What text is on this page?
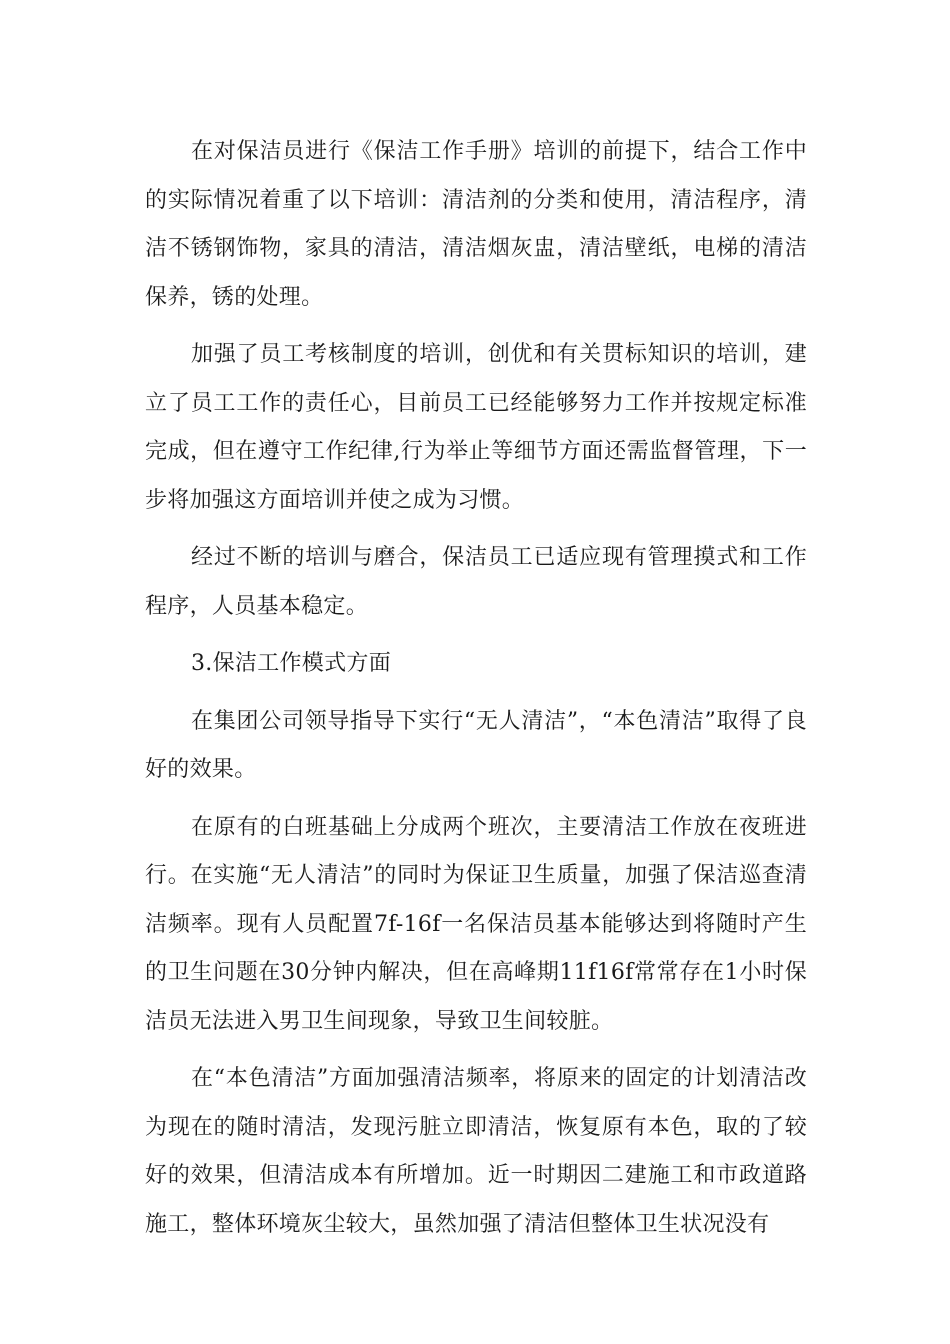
在对保洁员进行《保洁工作手册》培训的前提下，结合工作中的实际情况着重了以下培训：清洁剂的分类和使用，清洁程序，清洁不锈钢饰物，家具的清洁，清洁烟灰盅，清洁壁纸，电梯的清洁保养，锈的处理。

加强了员工考核制度的培训，创优和有关贯标知识的培训，建立了员工工作的责任心，目前员工已经能够努力工作并按规定标准完成，但在遵守工作纪律,行为举止等细节方面还需监督管理，下一步将加强这方面培训并使之成为习惯。

经过不断的培训与磨合，保洁员工已适应现有管理摸式和工作程序，人员基本稳定。

3.保洁工作模式方面

在集团公司领导指导下实行“无人清洁”，“本色清洁”取得了良好的效果。

在原有的白班基础上分成两个班次，主要清洁工作放在夜班进行。在实施“无人清洁”的同时为保证卫生质量，加强了保洁巡查清洁频率。现有人员配置7f-16f一名保洁员基本能够达到将随时产生的卫生问题在30分钟内解决，但在高峰期11f16f常常存在1小时保洁员无法进入男卫生间现象，导致卫生间较脏。

在“本色清洁”方面加强清洁频率，将原来的固定的计划清洁改为现在的随时清洁，发现污脏立即清洁，恢复原有本色，取的了较好的效果，但清洁成本有所增加。近一时期因二建施工和市政道路施工，整体环境灰尘较大，虽然加强了清洁但整体卫生状况没有
